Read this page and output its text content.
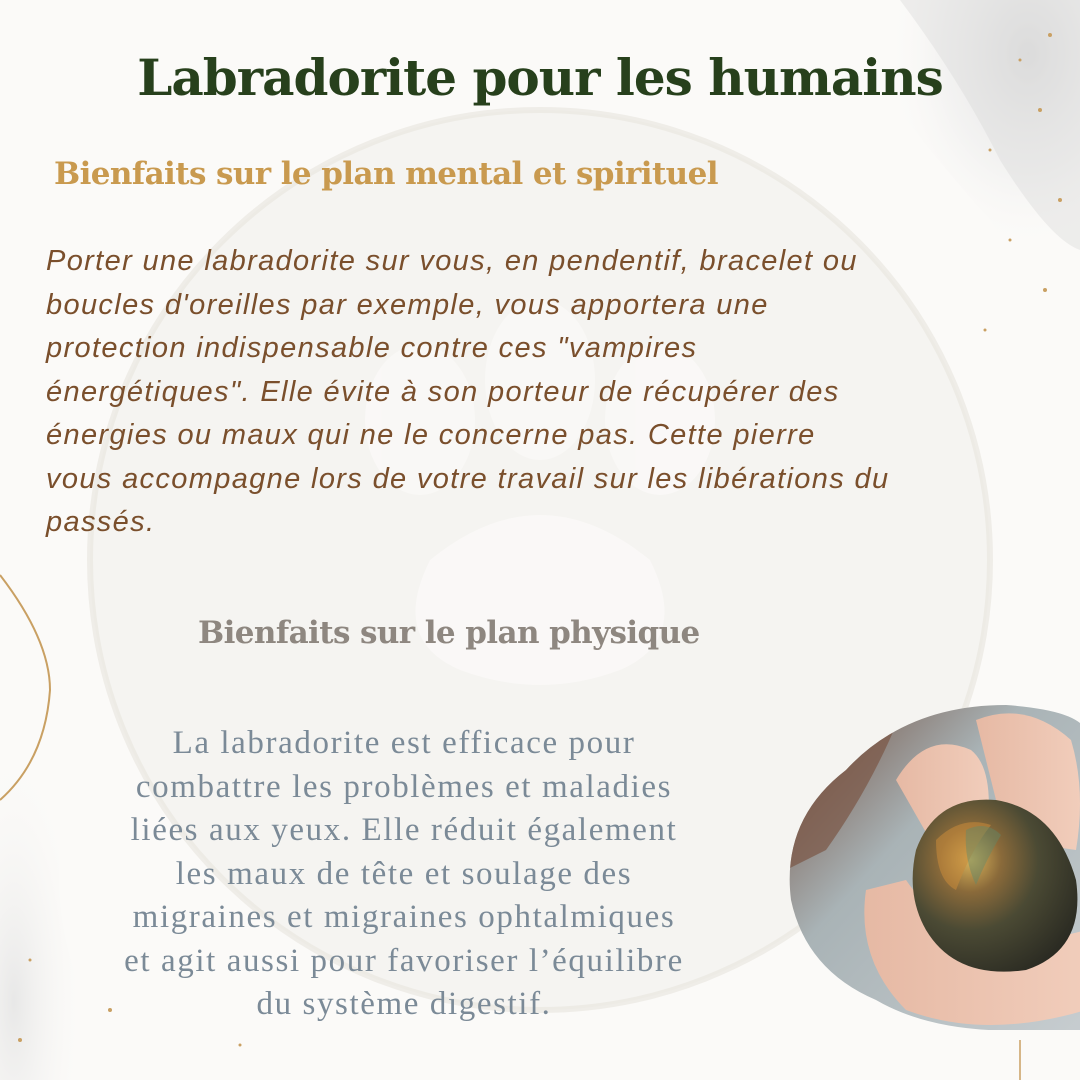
Labradorite pour les humains
Bienfaits sur le plan mental et spirituel

Porter une labradorite sur vous, en pendentif, bracelet ou
boucles d'oreilles par exemple, vous apportera une
protection indispensable contre ces "vampires
énergétiques". Elle évite à son porteur de récupérer des
énergies ou maux qui ne le concerne pas. Cette pierre
vous accompagne lors de votre travail sur les libérations du
passés.

Bienfaits sur le plan physique

La labradorite est efficace pour
combattre les problèmes et maladies
liées aux yeux. Elle réduit également
les maux de tête et soulage des
migraines et migraines ophtalmiques
et agit aussi pour favoriser l’équilibre
du système digestif.
